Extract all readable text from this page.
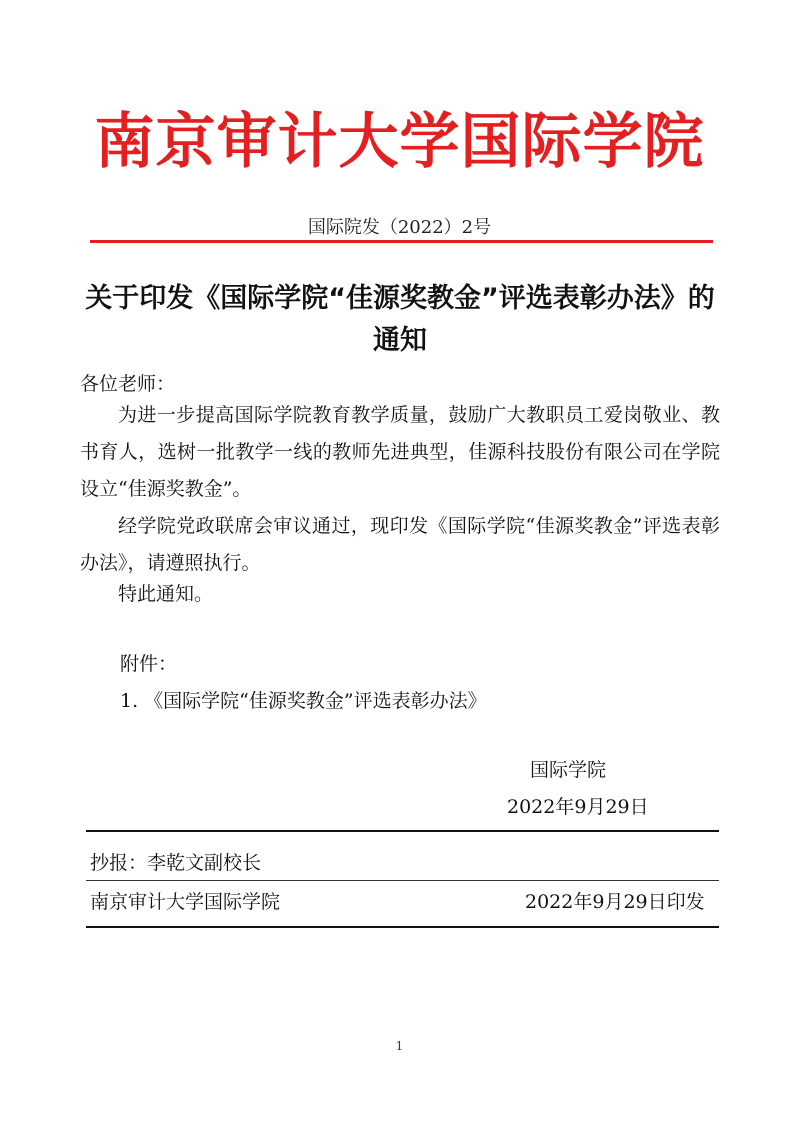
南京审计大学国际学院
国际院发（2022）2号
关于印发《国际学院“佳源奖教金”评选表彰办法》的通知
各位老师：
为进一步提高国际学院教育教学质量，鼓励广大教职员工爱岗敬业、教书育人，选树一批教学一线的教师先进典型，佳源科技股份有限公司在学院设立“佳源奖教金”。
经学院党政联席会审议通过，现印发《国际学院“佳源奖教金”评选表彰办法》，请遵照执行。
特此通知。
附件：
1. 《国际学院“佳源奖教金”评选表彰办法》
国际学院
2022年9月29日
抄报：李乾文副校长
南京审计大学国际学院	2022年9月29日印发
1
